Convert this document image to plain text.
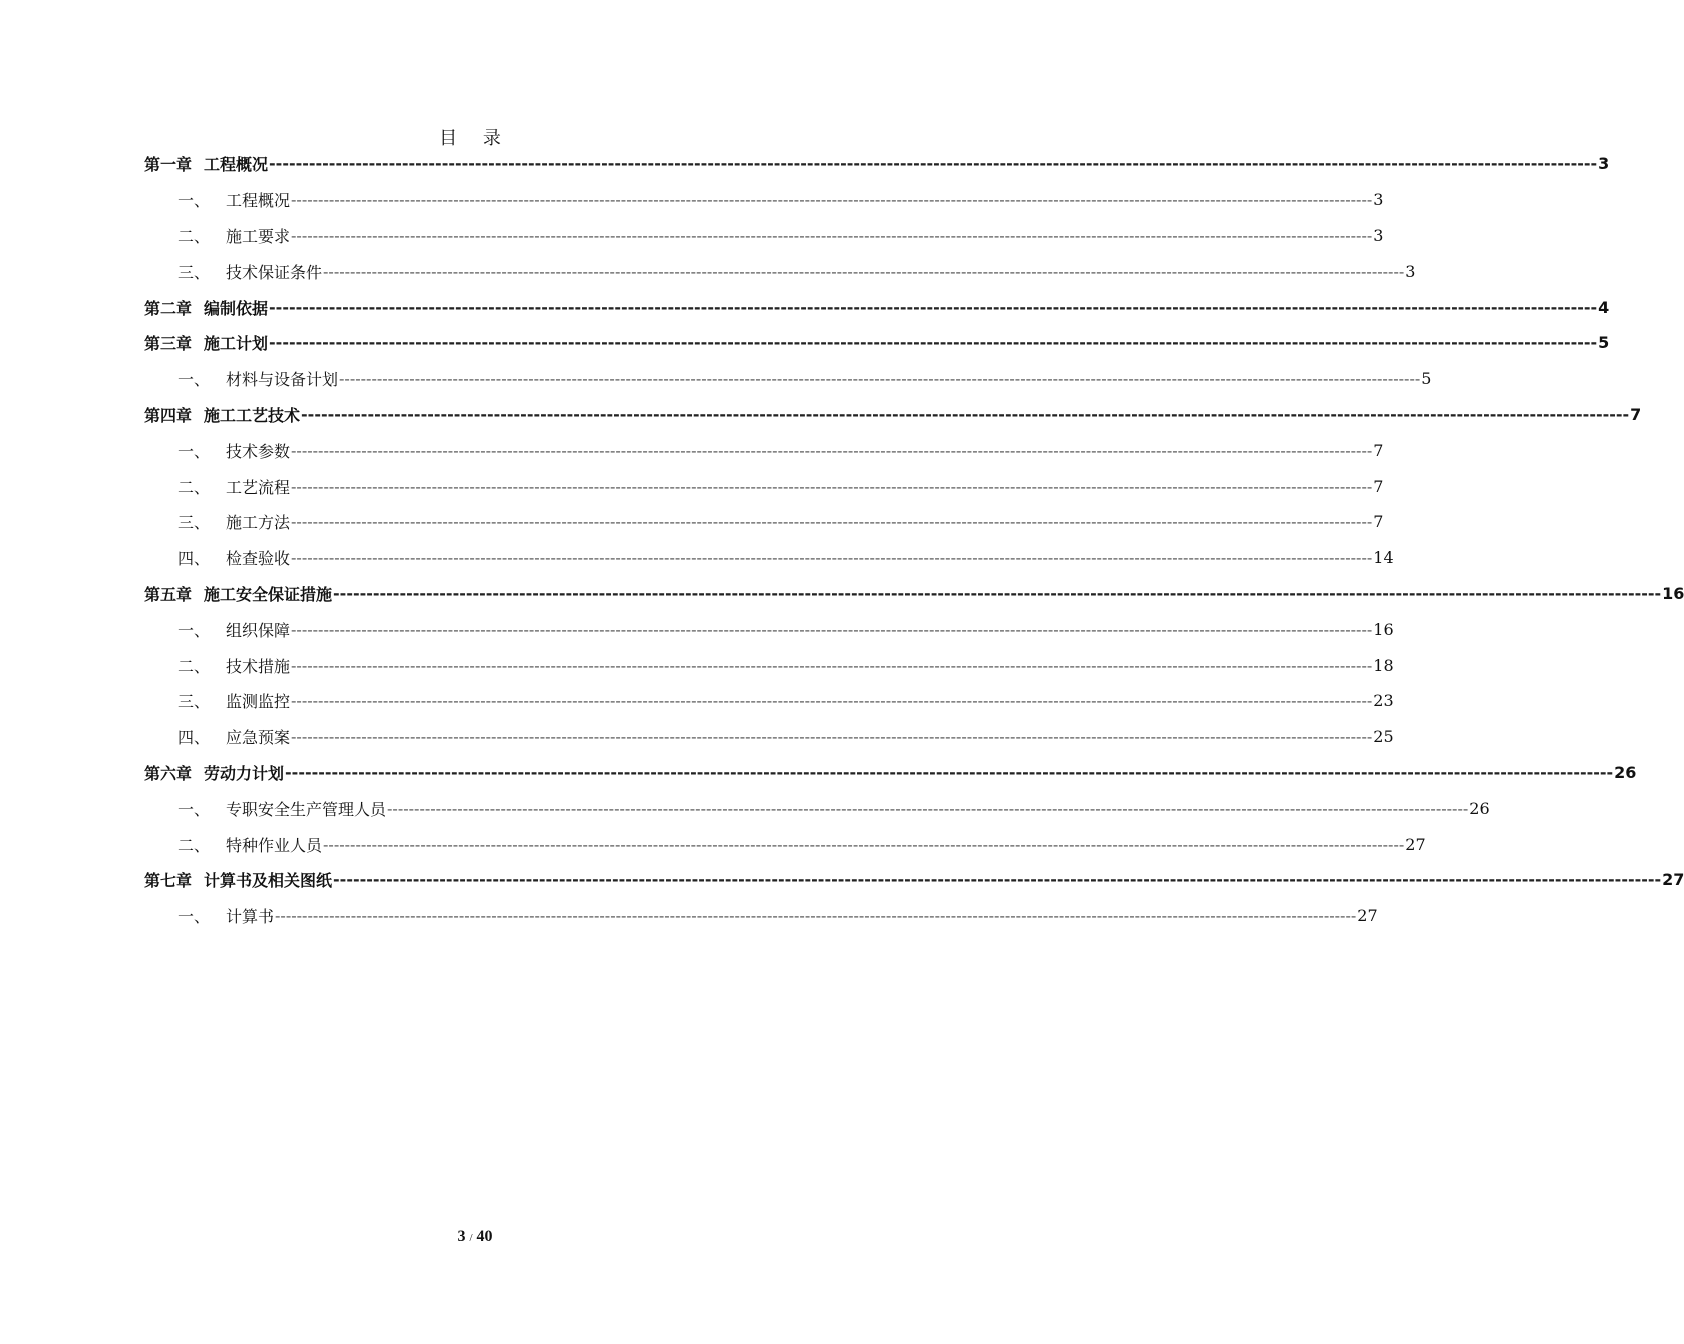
目 录
第一章 工程概况 -------------------------------------------------------------------------------------------------------------------------------------------------------------------------------------------------------- 3
一、 工程概况 -------------------------------------------------------------------------------------------------------------------------------------------------------------------------------------------------------- 3
二、 施工要求 -------------------------------------------------------------------------------------------------------------------------------------------------------------------------------------------------------- 3
三、 技术保证条件 -------------------------------------------------------------------------------------------------------------------------------------------------------------------------------------------------------- 3
第二章 编制依据 -------------------------------------------------------------------------------------------------------------------------------------------------------------------------------------------------------- 4
第三章 施工计划 -------------------------------------------------------------------------------------------------------------------------------------------------------------------------------------------------------- 5
一、 材料与设备计划 -------------------------------------------------------------------------------------------------------------------------------------------------------------------------------------------------------- 5
第四章 施工工艺技术 -------------------------------------------------------------------------------------------------------------------------------------------------------------------------------------------------------- 7
一、 技术参数 -------------------------------------------------------------------------------------------------------------------------------------------------------------------------------------------------------- 7
二、 工艺流程 -------------------------------------------------------------------------------------------------------------------------------------------------------------------------------------------------------- 7
三、 施工方法 -------------------------------------------------------------------------------------------------------------------------------------------------------------------------------------------------------- 7
四、 检查验收 -------------------------------------------------------------------------------------------------------------------------------------------------------------------------------------------------------- 14
第五章 施工安全保证措施 -------------------------------------------------------------------------------------------------------------------------------------------------------------------------------------------------------- 16
一、 组织保障 -------------------------------------------------------------------------------------------------------------------------------------------------------------------------------------------------------- 16
二、 技术措施 -------------------------------------------------------------------------------------------------------------------------------------------------------------------------------------------------------- 18
三、 监测监控 -------------------------------------------------------------------------------------------------------------------------------------------------------------------------------------------------------- 23
四、 应急预案 -------------------------------------------------------------------------------------------------------------------------------------------------------------------------------------------------------- 25
第六章 劳动力计划 -------------------------------------------------------------------------------------------------------------------------------------------------------------------------------------------------------- 26
一、 专职安全生产管理人员 -------------------------------------------------------------------------------------------------------------------------------------------------------------------------------------------------------- 26
二、 特种作业人员 -------------------------------------------------------------------------------------------------------------------------------------------------------------------------------------------------------- 27
第七章 计算书及相关图纸 -------------------------------------------------------------------------------------------------------------------------------------------------------------------------------------------------------- 27
一、 计算书 -------------------------------------------------------------------------------------------------------------------------------------------------------------------------------------------------------- 27
3 / 40
